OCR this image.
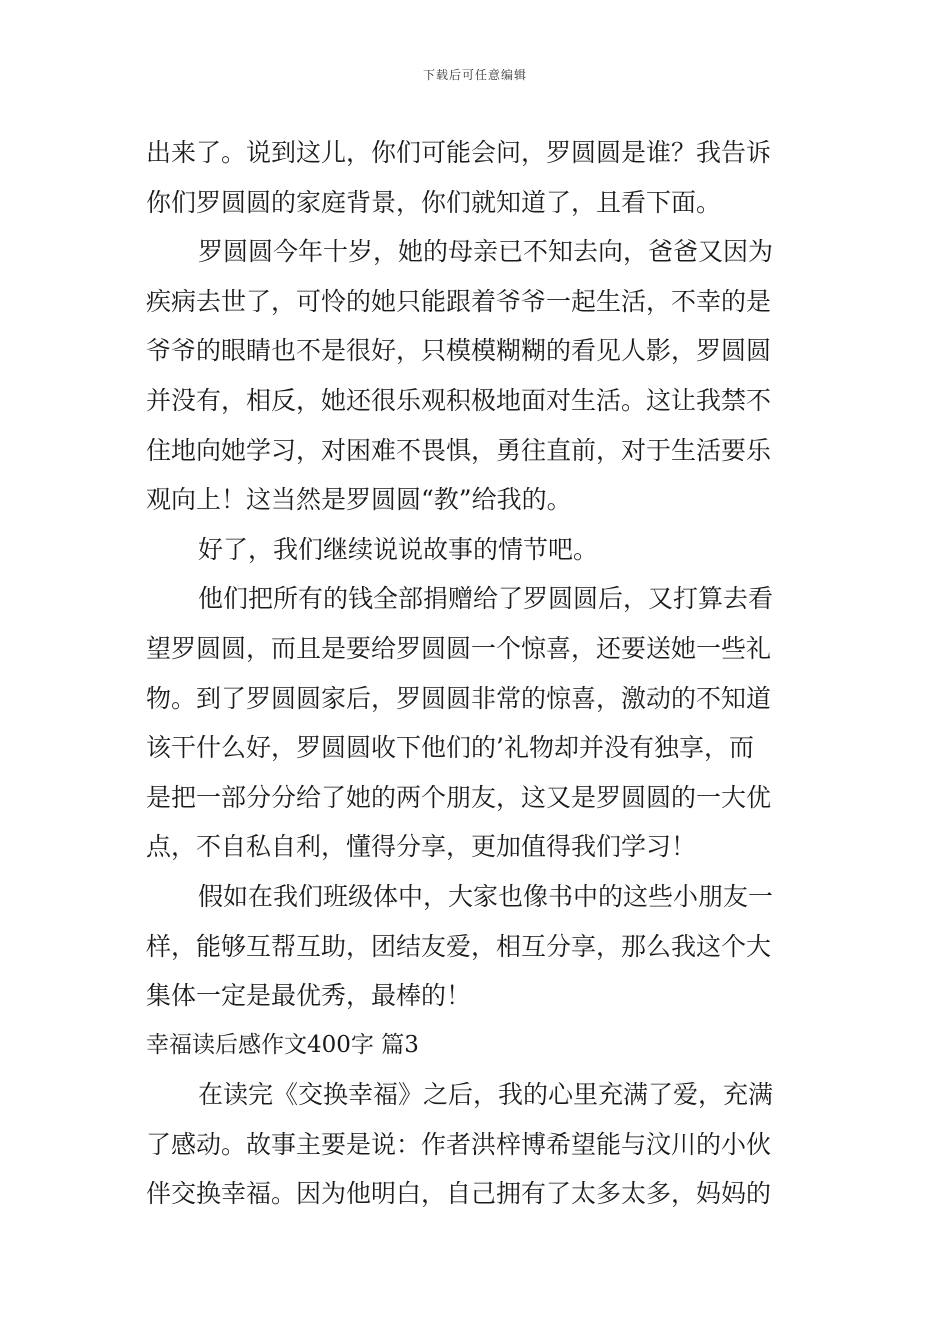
下载后可任意编辑
出来了。说到这儿，你们可能会问，罗圆圆是谁？我告诉
你们罗圆圆的家庭背景，你们就知道了，且看下面。
罗圆圆今年十岁，她的母亲已不知去向，爸爸又因为
疾病去世了，可怜的她只能跟着爷爷一起生活，不幸的是
爷爷的眼睛也不是很好，只模模糊糊的看见人影，罗圆圆
并没有，相反，她还很乐观积极地面对生活。这让我禁不
住地向她学习，对困难不畏惧，勇往直前，对于生活要乐
观向上！这当然是罗圆圆“教”给我的。
好了，我们继续说说故事的情节吧。
他们把所有的钱全部捐赠给了罗圆圆后，又打算去看
望罗圆圆，而且是要给罗圆圆一个惊喜，还要送她一些礼
物。到了罗圆圆家后，罗圆圆非常的惊喜，激动的不知道
该干什么好，罗圆圆收下他们的’礼物却并没有独享，而
是把一部分分给了她的两个朋友，这又是罗圆圆的一大优
点，不自私自利，懂得分享，更加值得我们学习！
假如在我们班级体中，大家也像书中的这些小朋友一
样，能够互帮互助，团结友爱，相互分享，那么我这个大
集体一定是最优秀，最棒的！
幸福读后感作文400字 篇3
在读完《交换幸福》之后，我的心里充满了爱，充满
了感动。故事主要是说：作者洪梓博希望能与汶川的小伙
伴交换幸福。因为他明白，自己拥有了太多太多，妈妈的
